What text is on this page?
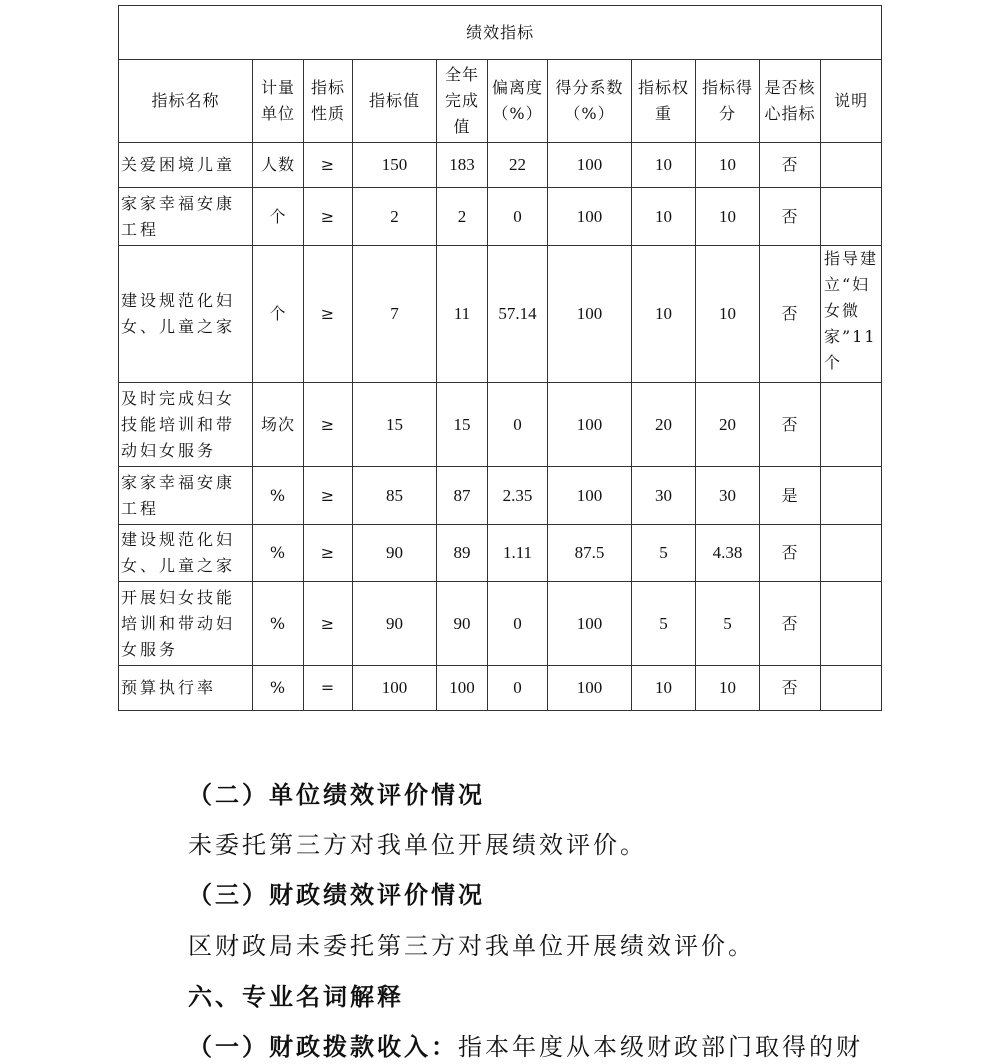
绩效指标										
指标名称	计量单位	指标性质	指标值	全年完成值	偏离度（%）	得分系数（%）	指标权重	指标得分	是否核心指标	说明
关爱困境儿童	人数	≥	150	183	22	100	10	10	否	
家家幸福安康工程	个	≥	2	2	0	100	10	10	否	
建设规范化妇女、儿童之家	个	≥	7	11	57.14	100	10	10	否	指导建立“妇女微家”11个
及时完成妇女技能培训和带动妇女服务	场次	≥	15	15	0	100	20	20	否	
家家幸福安康工程	%	≥	85	87	2.35	100	30	30	是	
建设规范化妇女、儿童之家	%	≥	90	89	1.11	87.5	5	4.38	否	
开展妇女技能培训和带动妇女服务	%	≥	90	90	0	100	5	5	否	
预算执行率	%	=	100	100	0	100	10	10	否	
（二）单位绩效评价情况
未委托第三方对我单位开展绩效评价。
（三）财政绩效评价情况
区财政局未委托第三方对我单位开展绩效评价。
六、专业名词解释
（一）财政拨款收入：指本年度从本级财政部门取得的财
